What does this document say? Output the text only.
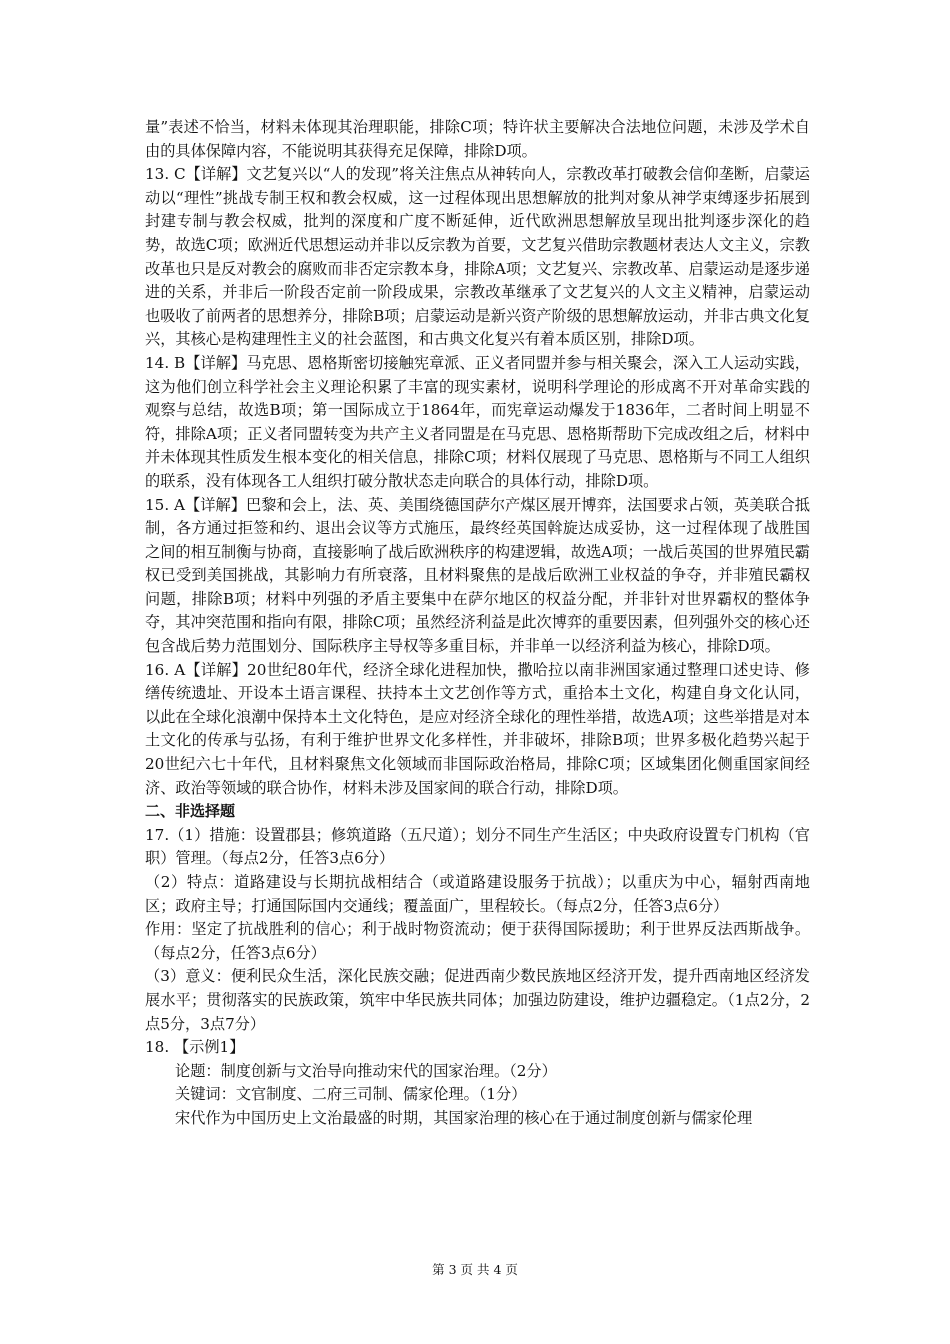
量”表述不恰当，材料未体现其治理职能，排除C项；特许状主要解决合法地位问题，未涉及学术自由的具体保障内容，不能说明其获得充足保障，排除D项。

13. C【详解】文艺复兴以“人的发现”将关注焦点从神转向人，宗教改革打破教会信仰垄断，启蒙运动以“理性”挑战专制王权和教会权威，这一过程体现出思想解放的批判对象从神学束缚逐步拓展到封建专制与教会权威，批判的深度和广度不断延伸，近代欧洲思想解放呈现出批判逐步深化的趋势，故选C项；欧洲近代思想运动并非以反宗教为首要，文艺复兴借助宗教题材表达人文主义，宗教改革也只是反对教会的腐败而非否定宗教本身，排除A项；文艺复兴、宗教改革、启蒙运动是逐步递进的关系，并非后一阶段否定前一阶段成果，宗教改革继承了文艺复兴的人文主义精神，启蒙运动也吸收了前两者的思想养分，排除B项；启蒙运动是新兴资产阶级的思想解放运动，并非古典文化复兴，其核心是构建理性主义的社会蓝图，和古典文化复兴有着本质区别，排除D项。

14. B【详解】马克思、恩格斯密切接触宪章派、正义者同盟并参与相关聚会，深入工人运动实践，这为他们创立科学社会主义理论积累了丰富的现实素材，说明科学理论的形成离不开对革命实践的观察与总结，故选B项；第一国际成立于1864年，而宪章运动爆发于1836年，二者时间上明显不符，排除A项；正义者同盟转变为共产主义者同盟是在马克思、恩格斯帮助下完成改组之后，材料中并未体现其性质发生根本变化的相关信息，排除C项；材料仅展现了马克思、恩格斯与不同工人组织的联系，没有体现各工人组织打破分散状态走向联合的具体行动，排除D项。

15. A【详解】巴黎和会上，法、英、美围绕德国萨尔产煤区展开博弈，法国要求占领，英美联合抵制，各方通过拒签和约、退出会议等方式施压，最终经英国斡旋达成妥协，这一过程体现了战胜国之间的相互制衡与协商，直接影响了战后欧洲秩序的构建逻辑，故选A项；一战后英国的世界殖民霸权已受到美国挑战，其影响力有所衰落，且材料聚焦的是战后欧洲工业权益的争夺，并非殖民霸权问题，排除B项；材料中列强的矛盾主要集中在萨尔地区的权益分配，并非针对世界霸权的整体争夺，其冲突范围和指向有限，排除C项；虽然经济利益是此次博弈的重要因素，但列强外交的核心还包含战后势力范围划分、国际秩序主导权等多重目标，并非单一以经济利益为核心，排除D项。

16. A【详解】20世纪80年代，经济全球化进程加快，撒哈拉以南非洲国家通过整理口述史诗、修缮传统遗址、开设本土语言课程、扶持本土文艺创作等方式，重拾本土文化，构建自身文化认同，以此在全球化浪潮中保持本土文化特色，是应对经济全球化的理性举措，故选A项；这些举措是对本土文化的传承与弘扬，有利于维护世界文化多样性，并非破坏，排除B项；世界多极化趋势兴起于20世纪六七十年代，且材料聚焦文化领域而非国际政治格局，排除C项；区域集团化侧重国家间经济、政治等领域的联合协作，材料未涉及国家间的联合行动，排除D项。

二、非选择题

17.（1）措施：设置郡县；修筑道路（五尺道）；划分不同生产生活区；中央政府设置专门机构（官职）管理。（每点2分，任答3点6分）

（2）特点：道路建设与长期抗战相结合（或道路建设服务于抗战）；以重庆为中心，辐射西南地区；政府主导；打通国际国内交通线；覆盖面广，里程较长。（每点2分，任答3点6分）

作用：坚定了抗战胜利的信心；利于战时物资流动；便于获得国际援助；利于世界反法西斯战争。（每点2分，任答3点6分）

（3）意义：便利民众生活，深化民族交融；促进西南少数民族地区经济开发，提升西南地区经济发展水平；贯彻落实的民族政策，筑牢中华民族共同体；加强边防建设，维护边疆稳定。（1点2分，2点5分，3点7分）

18. 【示例1】

论题：制度创新与文治导向推动宋代的国家治理。（2分）

关键词：文官制度、二府三司制、儒家伦理。（1分）

宋代作为中国历史上文治最盛的时期，其国家治理的核心在于通过制度创新与儒家伦理

第 3 页 共 4 页
